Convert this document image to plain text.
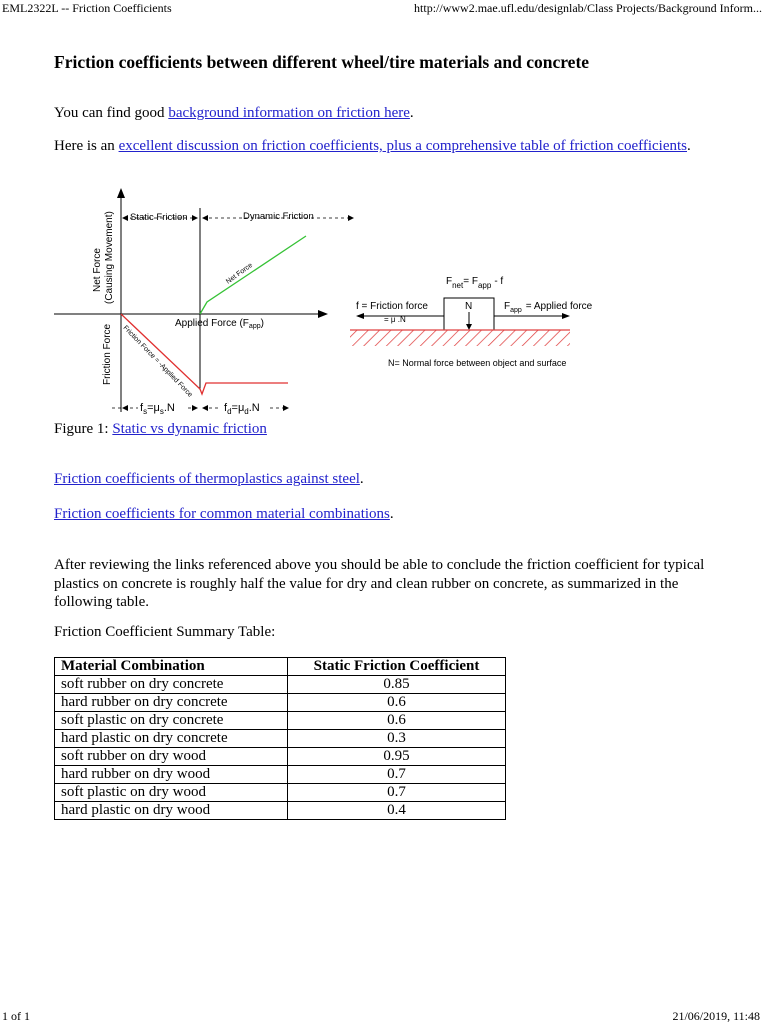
EML2322L -- Friction Coefficients	http://www2.mae.ufl.edu/designlab/Class Projects/Background Inform...
Friction coefficients between different wheel/tire materials and concrete
You can find good background information on friction here.
Here is an excellent discussion on friction coefficients, plus a comprehensive table of friction coefficients.
Static Friction	Dynamic Friction
Net Force (Causing Movement)
Friction Force
Net Force
Friction Force = -Applied Force
Applied Force $(F_{app})$
$f_s=\mu_s.N$	$f_d=\mu_d.N$
$F_{net}= F_{app} - f$
N
f = Friction force
= μ .N
$F_{app}$ = Applied force
N= Normal force between object and surface
Figure 1: Static vs dynamic friction
Friction coefficients of thermoplastics against steel.
Friction coefficients for common material combinations.
After reviewing the links referenced above you should be able to conclude the friction coefficient for typical plastics on concrete is roughly half the value for dry and clean rubber on concrete, as summarized in the following table.
Friction Coefficient Summary Table:
Material Combination	Static Friction Coefficient
soft rubber on dry concrete	0.85
hard rubber on dry concrete	0.6
soft plastic on dry concrete	0.6
hard plastic on dry concrete	0.3
soft rubber on dry wood	0.95
hard rubber on dry wood	0.7
soft plastic on dry wood	0.7
hard plastic on dry wood	0.4
1 of 1	21/06/2019, 11:48
